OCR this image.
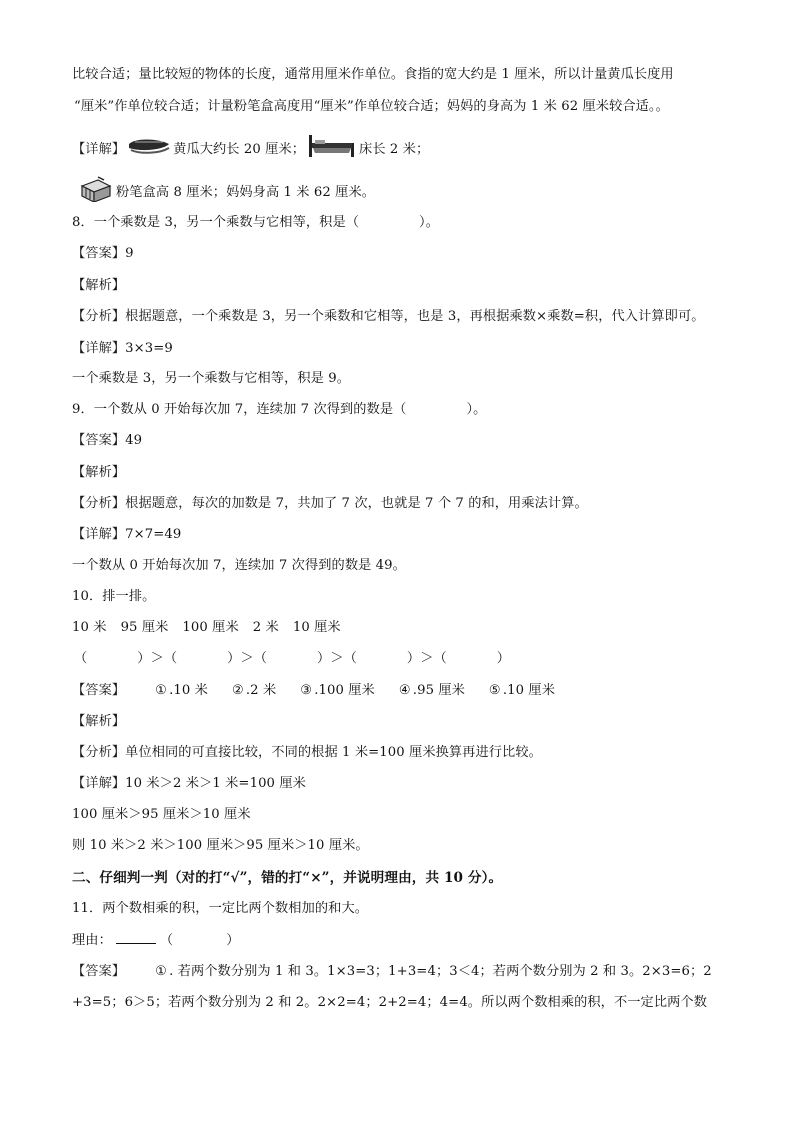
比较合适；量比较短的物体的长度，通常用厘米作单位。食指的宽大约是 1 厘米，所以计量黄瓜长度用
“厘米”作单位较合适；计量粉笔盒高度用“厘米”作单位较合适；妈妈的身高为 1 米 62 厘米较合适。。
【详解】	黄瓜大约长 20 厘米；	床长 2 米；
粉笔盒高 8 厘米；妈妈身高 1 米 62 厘米。
8．一个乘数是 3，另一个乘数与它相等，积是（	）。
【答案】9
【解析】
【分析】根据题意，一个乘数是 3，另一个乘数和它相等，也是 3，再根据乘数×乘数=积，代入计算即可。
【详解】3×3=9
一个乘数是 3，另一个乘数与它相等，积是 9。
9．一个数从 0 开始每次加 7，连续加 7 次得到的数是（	）。
【答案】49
【解析】
【分析】根据题意，每次的加数是 7，共加了 7 次，也就是 7 个 7 的和，用乘法计算。
【详解】7×7=49
一个数从 0 开始每次加 7，连续加 7 次得到的数是 49。
10．排一排。
10 米 95 厘米 100 厘米 2 米 10 厘米
（	）＞（	）＞（	）＞（	）＞（	）
【答案】 ① .10 米 ② .2 米 ③ .100 厘米 ④ .95 厘米 ⑤ .10 厘米
【解析】
【分析】单位相同的可直接比较，不同的根据 1 米=100 厘米换算再进行比较。
【详解】10 米＞2 米＞1 米=100 厘米
100 厘米＞95 厘米＞10 厘米
则 10 米＞2 米＞100 厘米＞95 厘米＞10 厘米。
二、仔细判一判（对的打“√”，错的打“×”，并说明理由，共 10 分）。
11．两个数相乘的积，一定比两个数相加的和大。
理由：	（　　　　）
【答案】 ① . 若两个数分别为 1 和 3。1×3=3；1+3=4；3＜4；若两个数分别为 2 和 3。2×3=6；2
+3=5；6＞5；若两个数分别为 2 和 2。2×2=4；2+2=4；4=4。所以两个数相乘的积，不一定比两个数
